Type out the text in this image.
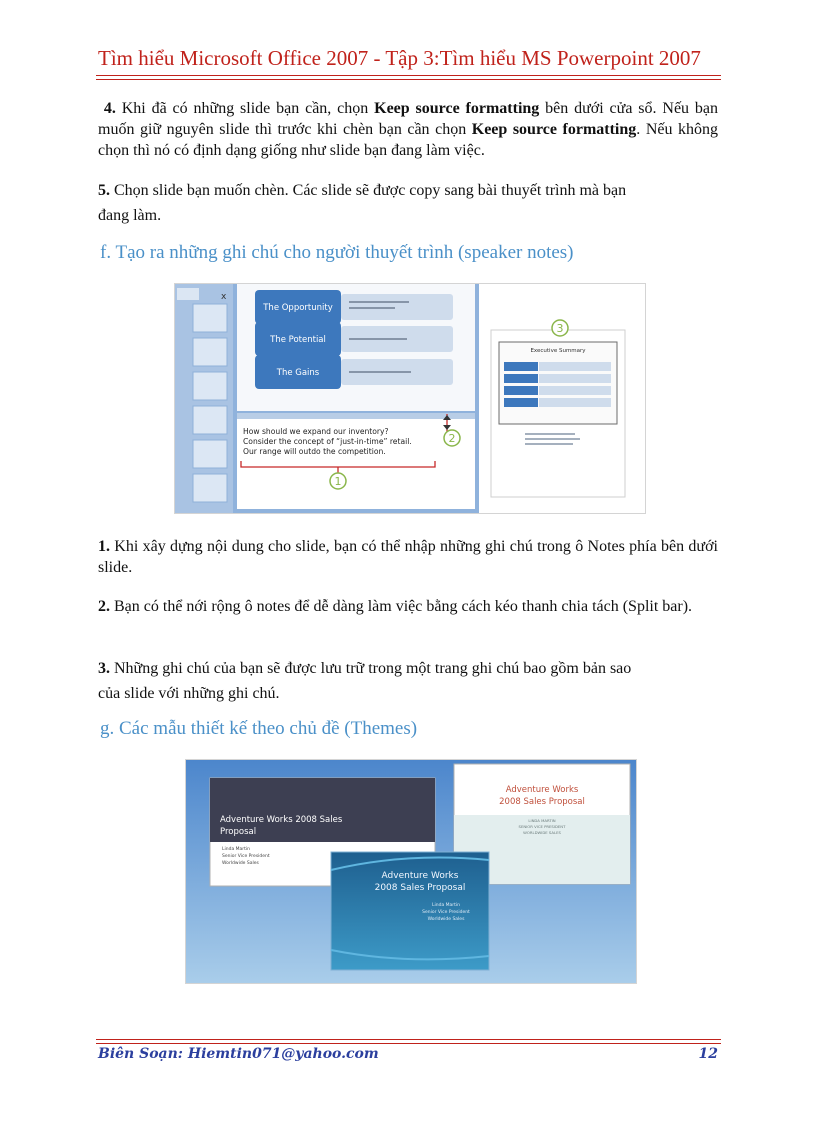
Tìm hiểu Microsoft Office 2007 - Tập 3:Tìm hiểu MS Powerpoint 2007
4. Khi đã có những slide bạn cần, chọn Keep source formatting bên dưới cửa sổ. Nếu bạn muốn giữ nguyên slide thì trước khi chèn bạn cần chọn Keep source formatting. Nếu không chọn thì nó có định dạng giống như slide bạn đang làm việc.
5. Chọn slide bạn muốn chèn. Các slide sẽ được copy sang bài thuyết trình mà bạn
đang làm.
f. Tạo ra những ghi chú cho người thuyết trình (speaker notes)
x
The Opportunity
The Potential
The Gains
How should we expand our inventory?
Consider the concept of “just-in-time” retail.
Our range will outdo the competition.
1
2
3
Executive Summary
1. Khi xây dựng nội dung cho slide, bạn có thể nhập những ghi chú trong ô Notes phía bên dưới slide.
2. Bạn có thể nới rộng ô notes để dễ dàng làm việc bằng cách kéo thanh chia tách (Split bar).
3. Những ghi chú của bạn sẽ được lưu trữ trong một trang ghi chú bao gồm bản sao
của slide với những ghi chú.
g. Các mẫu thiết kế theo chủ đề (Themes)
Adventure Works 2008 Sales
Proposal
Linda Martin
Senior Vice President
Worldwide Sales
Adventure Works
2008 Sales Proposal
LINDA MARTIN
SENIOR VICE PRESIDENT
WORLDWIDE SALES
Adventure Works
2008 Sales Proposal
Linda Martin
Senior Vice President
Worldwide Sales
Biên Soạn: Hiemtin071@yahoo.com	12
